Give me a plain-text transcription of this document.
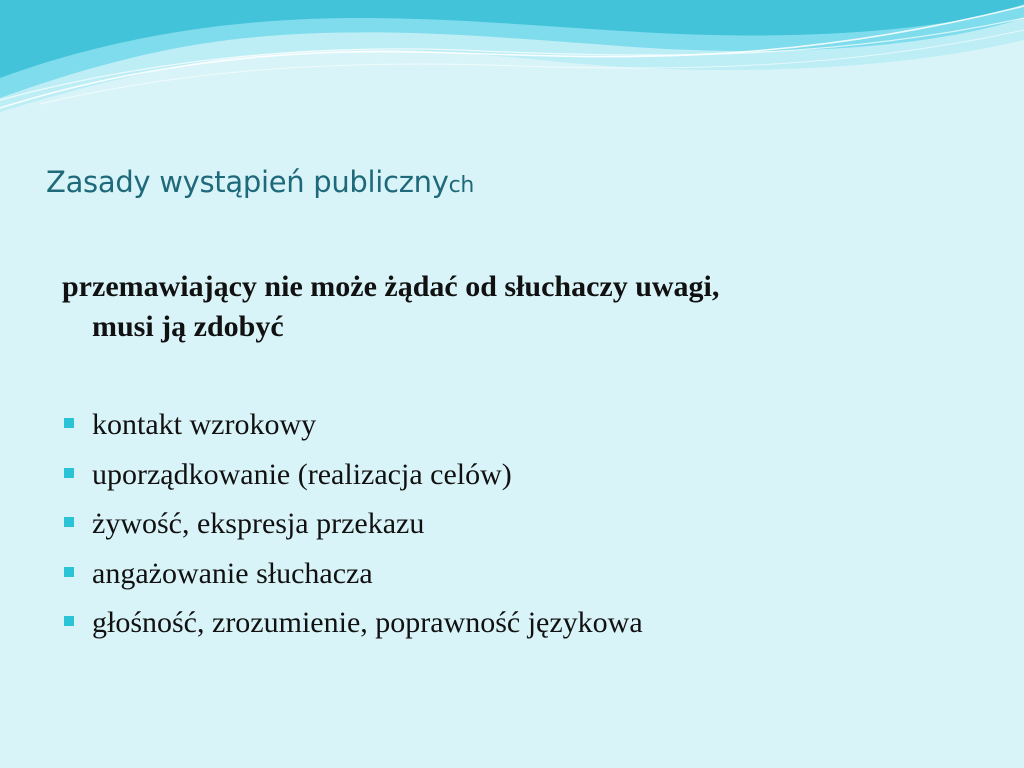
Zasady wystąpień publicznych

przemawiający nie może żądać od słuchaczy uwagi,
musi ją zdobyć

kontakt wzrokowy
uporządkowanie (realizacja celów)
żywość, ekspresja przekazu
angażowanie słuchacza
głośność, zrozumienie, poprawność językowa
